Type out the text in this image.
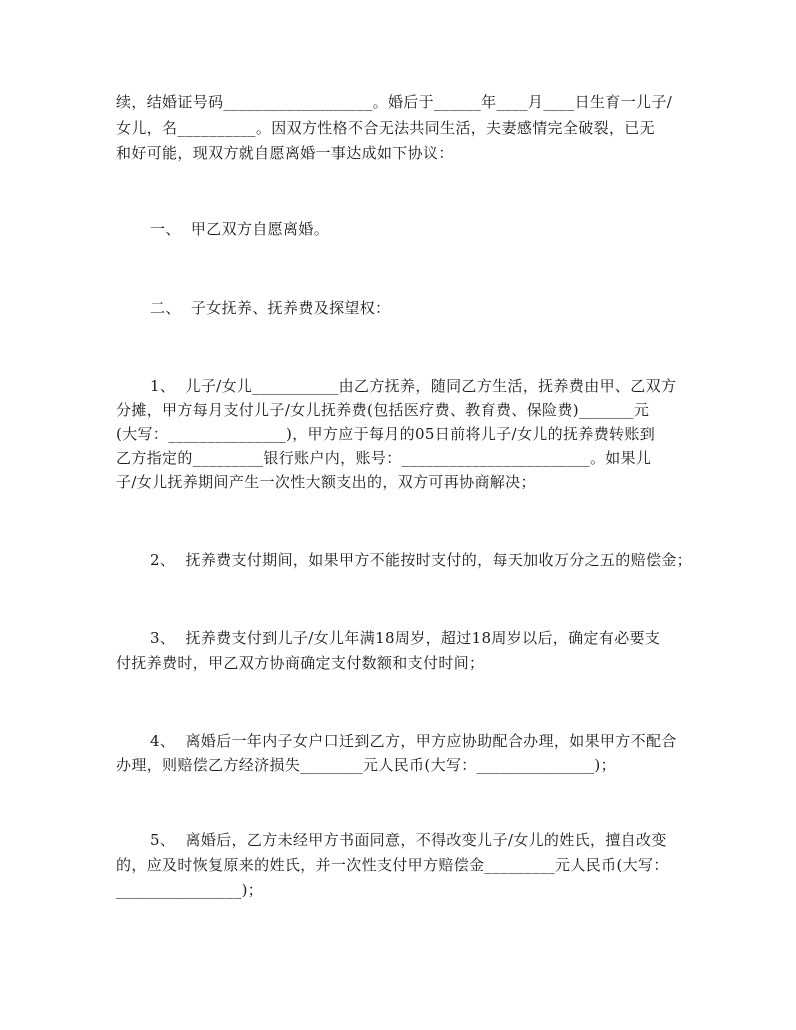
续，结婚证号码___________________。婚后于______年____月____日生育一儿子/
女儿，名__________。因双方性格不合无法共同生活，夫妻感情完全破裂，已无
和好可能，现双方就自愿离婚一事达成如下协议：
一、  甲乙双方自愿离婚。
二、  子女抚养、抚养费及探望权：
1、  儿子/女儿___________由乙方抚养，随同乙方生活，抚养费由甲、乙双方
分摊，甲方每月支付儿子/女儿抚养费(包括医疗费、教育费、保险费)_______元
(大写：_______________)，甲方应于每月的05日前将儿子/女儿的抚养费转账到
乙方指定的_________银行账户内，账号：________________________。如果儿
子/女儿抚养期间产生一次性大额支出的，双方可再协商解决；
2、  抚养费支付期间，如果甲方不能按时支付的，每天加收万分之五的赔偿金；
3、  抚养费支付到儿子/女儿年满18周岁，超过18周岁以后，确定有必要支
付抚养费时，甲乙双方协商确定支付数额和支付时间；
4、  离婚后一年内子女户口迁到乙方，甲方应协助配合办理，如果甲方不配合
办理，则赔偿乙方经济损失________元人民币(大写：_______________)；
5、  离婚后，乙方未经甲方书面同意，不得改变儿子/女儿的姓氏，擅自改变
的，应及时恢复原来的姓氏，并一次性支付甲方赔偿金_________元人民币(大写：
________________)；
